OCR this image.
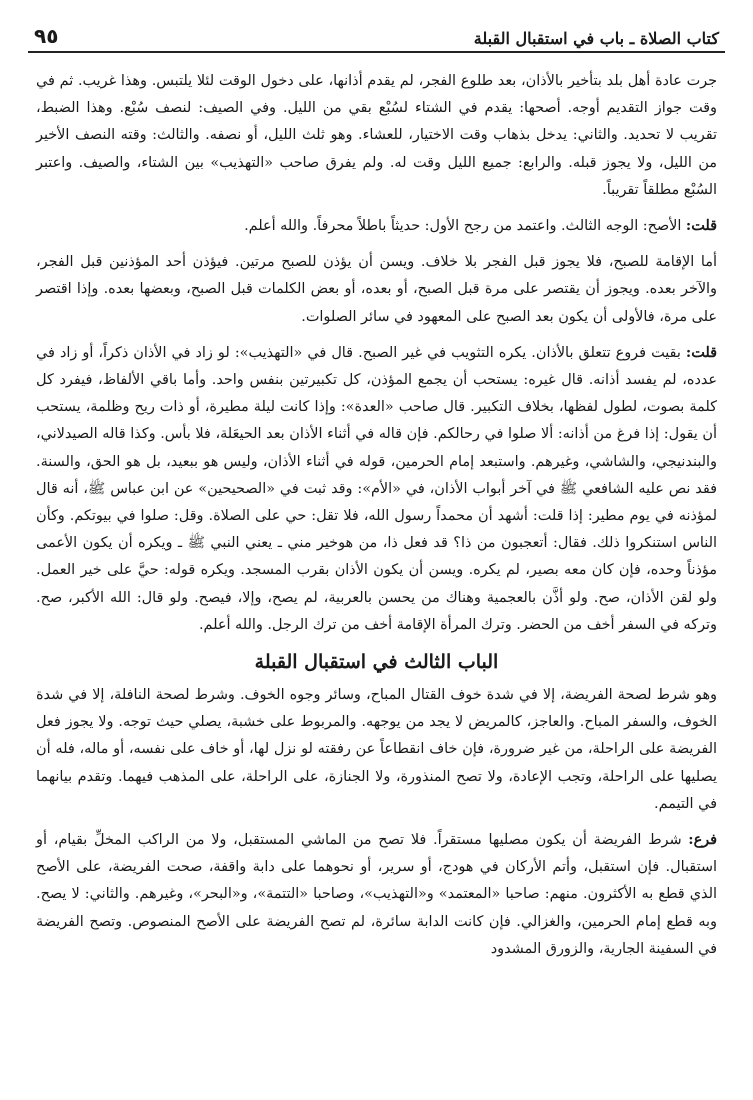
كتاب الصلاة ـ باب في استقبال القبلة
٩٥

جرت عادة أهل بلد بتأخير بالأذان، بعد طلوع الفجر، لم يقدم أذانها، على دخول الوقت لئلا يلتبس. وهذا غريب. ثم في وقت جواز التقديم أوجه. أصحها: يقدم في الشتاء لسُبْع بقي من الليل. وفي الصيف: لنصف سُبْع. وهذا الضبط، تقريب لا تحديد. والثاني: يدخل بذهاب وقت الاختيار، للعشاء. وهو ثلث الليل، أو نصفه. والثالث: وقته النصف الأخير من الليل، ولا يجوز قبله. والرابع: جميع الليل وقت له. ولم يفرق صاحب «التهذيب» بين الشتاء، والصيف. واعتبر السُبْع مطلقاً تقريباً.

قلت: الأصح: الوجه الثالث. واعتمد من رجح الأول: حديثاً باطلاً محرفاً. والله أعلم.

أما الإقامة للصبح، فلا يجوز قبل الفجر بلا خلاف. ويسن أن يؤذن للصبح مرتين. فيؤذن أحد المؤذنين قبل الفجر، والآخر بعده. ويجوز أن يقتصر على مرة قبل الصبح، أو بعده، أو بعض الكلمات قبل الصبح، وبعضها بعده. وإذا اقتصر على مرة، فالأولى أن يكون بعد الصبح على المعهود في سائر الصلوات.

قلت: بقيت فروع تتعلق بالأذان. يكره التثويب في غير الصبح. قال في «التهذيب»: لو زاد في الأذان ذكراً، أو زاد في عدده، لم يفسد أذانه. قال غيره: يستحب أن يجمع المؤذن، كل تكبيرتين بنفس واحد. وأما باقي الألفاظ، فيفرد كل كلمة بصوت، لطول لفظها، بخلاف التكبير. قال صاحب «العدة»: وإذا كانت ليلة مطيرة، أو ذات ريح وظلمة، يستحب أن يقول: إذا فرغ من أذانه: ألا صلوا في رحالكم. فإن قاله في أثناء الأذان بعد الحيعَلة، فلا بأس. وكذا قاله الصيدلاني، والبندنيجي، والشاشي، وغيرهم. واستبعد إمام الحرمين، قوله في أثناء الأذان، وليس هو ببعيد، بل هو الحق، والسنة. فقد نص عليه الشافعي ﷺ في آخر أبواب الأذان، في «الأم»: وقد ثبت في «الصحيحين» عن ابن عباس ﷺ، أنه قال لمؤذنه في يوم مطير: إذا قلت: أشهد أن محمداً رسول الله، فلا تقل: حي على الصلاة. وقل: صلوا في بيوتكم. وكأن الناس استنكروا ذلك. فقال: أتعجبون من ذا؟ قد فعل ذا، من هوخير مني ـ يعني النبي ﷺ ـ ويكره أن يكون الأعمى مؤذناً وحده، فإن كان معه بصير، لم يكره. ويسن أن يكون الأذان بقرب المسجد. ويكره قوله: حيَّ على خير العمل. ولو لقن الأذان، صح. ولو أذَّن بالعجمية وهناك من يحسن بالعربية، لم يصح، وإلا، فيصح. ولو قال: الله الأكبر، صح. وتركه في السفر أخف من الحضر. وترك المرأة الإقامة أخف من ترك الرجل. والله أعلم.

الباب الثالث في استقبال القبلة

وهو شرط لصحة الفريضة، إلا في شدة خوف القتال المباح، وسائر وجوه الخوف. وشرط لصحة النافلة، إلا في شدة الخوف، والسفر المباح. والعاجز، كالمريض لا يجد من يوجهه. والمربوط على خشبة، يصلي حيث توجه. ولا يجوز فعل الفريضة على الراحلة، من غير ضرورة، فإن خاف انقطاعاً عن رفقته لو نزل لها، أو خاف على نفسه، أو ماله، فله أن يصليها على الراحلة، وتجب الإعادة، ولا تصح المنذورة، ولا الجنازة، على الراحلة، على المذهب فيهما. وتقدم بيانهما في التيمم.

فرع: شرط الفريضة أن يكون مصليها مستقراً. فلا تصح من الماشي المستقبل، ولا من الراكب المخلِّ بقيام، أو استقبال. فإن استقبل، وأتم الأركان في هودج، أو سرير، أو نحوهما على دابة واقفة، صحت الفريضة، على الأصح الذي قطع به الأكثرون. منهم: صاحبا «المعتمد» و«التهذيب»، وصاحبا «التتمة»، و«البحر»، وغيرهم. والثاني: لا يصح. وبه قطع إمام الحرمين، والغزالي. فإن كانت الدابة سائرة، لم تصح الفريضة على الأصح المنصوص. وتصح الفريضة في السفينة الجارية، والزورق المشدود
